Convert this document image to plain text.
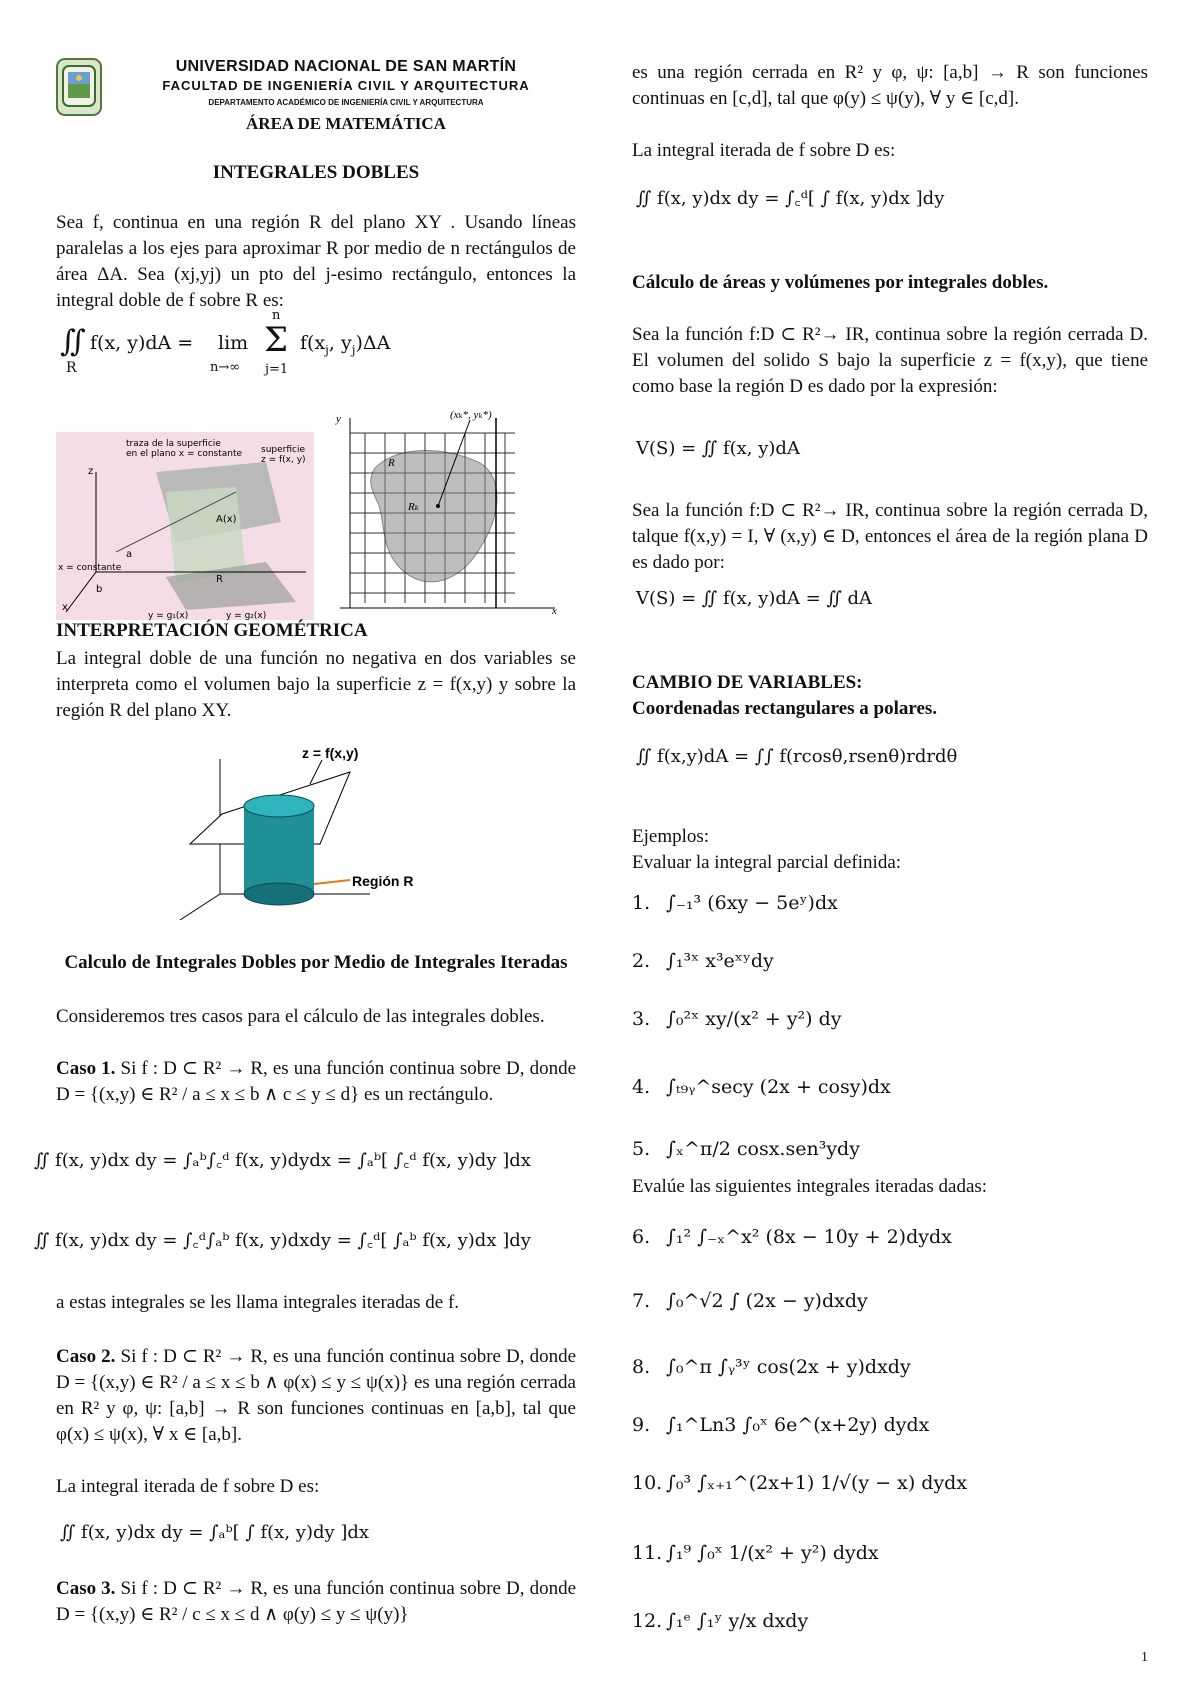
UNIVERSIDAD NACIONAL DE SAN MARTÍN
FACULTAD DE INGENIERÍA CIVIL Y ARQUITECTURA
DEPARTAMENTO ACADÉMICO DE INGENIERÍA CIVIL Y ARQUITECTURA
ÁREA DE MATEMÁTICA
INTEGRALES DOBLES

Sea f, continua en una región R del plano XY . Usando líneas paralelas a los ejes para aproximar R por medio de n rectángulos de área ΔA. Sea (xj,yj) un pto del j-esimo rectángulo, entonces la integral doble de f sobre R es:

∬ f(x, y)dA = lim
n→∞
Σ
n
j=1
$f(x_j$, $y_j)\Delta A$
R
traza de la superficie
en el plano x = constante superficie
z = f(x, y)
A(x)
R
x = constante
y = g₁(x)	y = g₂(x)
z
a
b
x
y
x
(xₖ*, yₖ*)
R
Rₖ
INTERPRETACIÓN GEOMÉTRICA

La integral doble de una función no negativa en dos variables se interpreta como el volumen bajo la superficie z = f(x,y) y sobre la región R del plano XY.

z = f(x,y)
Región R
Calculo de Integrales Dobles por Medio de Integrales Iteradas

Consideremos tres casos para el cálculo de las integrales dobles.

Caso 1. Si f : D ⊂ R² → R, es una función continua sobre D, donde D = {(x,y) ∈ R² / a ≤ x ≤ b ∧ c ≤ y ≤ d} es un rectángulo.

∬ f(x, y)dx dy = ∫ₐᵇ∫꜀ᵈ f(x, y)dydx = ∫ₐᵇ[ ∫꜀ᵈ f(x, y)dy ]dx
∬ f(x, y)dx dy = ∫꜀ᵈ∫ₐᵇ f(x, y)dxdy = ∫꜀ᵈ[ ∫ₐᵇ f(x, y)dx ]dy

a estas integrales se les llama integrales iteradas de f.

Caso 2. Si f : D ⊂ R² → R, es una función continua sobre D, donde D = {(x,y) ∈ R² / a ≤ x ≤ b ∧ φ(x) ≤ y ≤ ψ(x)} es una región cerrada en R² y φ, ψ: [a,b] → R son funciones continuas en [a,b], tal que φ(x) ≤ ψ(x), ∀ x ∈ [a,b].

La integral iterada de f sobre D es:

∬ f(x, y)dx dy = ∫ₐᵇ[ ∫ f(x, y)dy ]dx

Caso 3. Si f : D ⊂ R² → R, es una función continua sobre D, donde D = {(x,y) ∈ R² / c ≤ x ≤ d ∧ φ(y) ≤ y ≤ ψ(y)}

es una región cerrada en R² y φ, ψ: [a,b] → R son funciones continuas en [c,d], tal que φ(y) ≤ ψ(y), ∀ y ∈ [c,d].

La integral iterada de f sobre D es:

∬ f(x, y)dx dy = ∫꜀ᵈ[ ∫ f(x, y)dx ]dy
Cálculo de áreas y volúmenes por integrales dobles.

Sea la función f:D ⊂ R²→ IR, continua sobre la región cerrada D. El volumen del solido S bajo la superficie z = f(x,y), que tiene como base la región D es dado por la expresión:

V(S) = ∬ f(x, y)dA

Sea la función f:D ⊂ R²→ IR, continua sobre la región cerrada D, talque f(x,y) = I, ∀ (x,y) ∈ D, entonces el área de la región plana D es dado por:

V(S) = ∬ f(x, y)dA = ∬ dA
CAMBIO DE VARIABLES:
Coordenadas rectangulares a polares.
∬ f(x,y)dA = ∫∫ f(rcosθ,rsenθ)rdrdθ
Ejemplos:
Evaluar la integral parcial definida:
1. ∫₋₁³ (6xy − 5eʸ)dx
2. ∫₁³ˣ x³eˣʸdy
3. ∫₀²ˣ xy/(x² + y²) dy
4. ∫ₜ₉ᵧ^secy (2x + cosy)dx
5. ∫ₓ^π/2 cosx.sen³ydy
Evalúe las siguientes integrales iteradas dadas:
6. ∫₁² ∫₋ₓ^x² (8x − 10y + 2)dydx
7. ∫₀^√2 ∫ (2x − y)dxdy
8. ∫₀^π ∫ᵧ³ʸ cos(2x + y)dxdy
9. ∫₁^Ln3 ∫₀ˣ 6e^(x+2y) dydx
10. ∫₀³ ∫ₓ₊₁^(2x+1) 1/√(y − x) dydx
11. ∫₁⁹ ∫₀ˣ 1/(x² + y²) dydx
12. ∫₁ᵉ ∫₁ʸ y/x dxdy
1
